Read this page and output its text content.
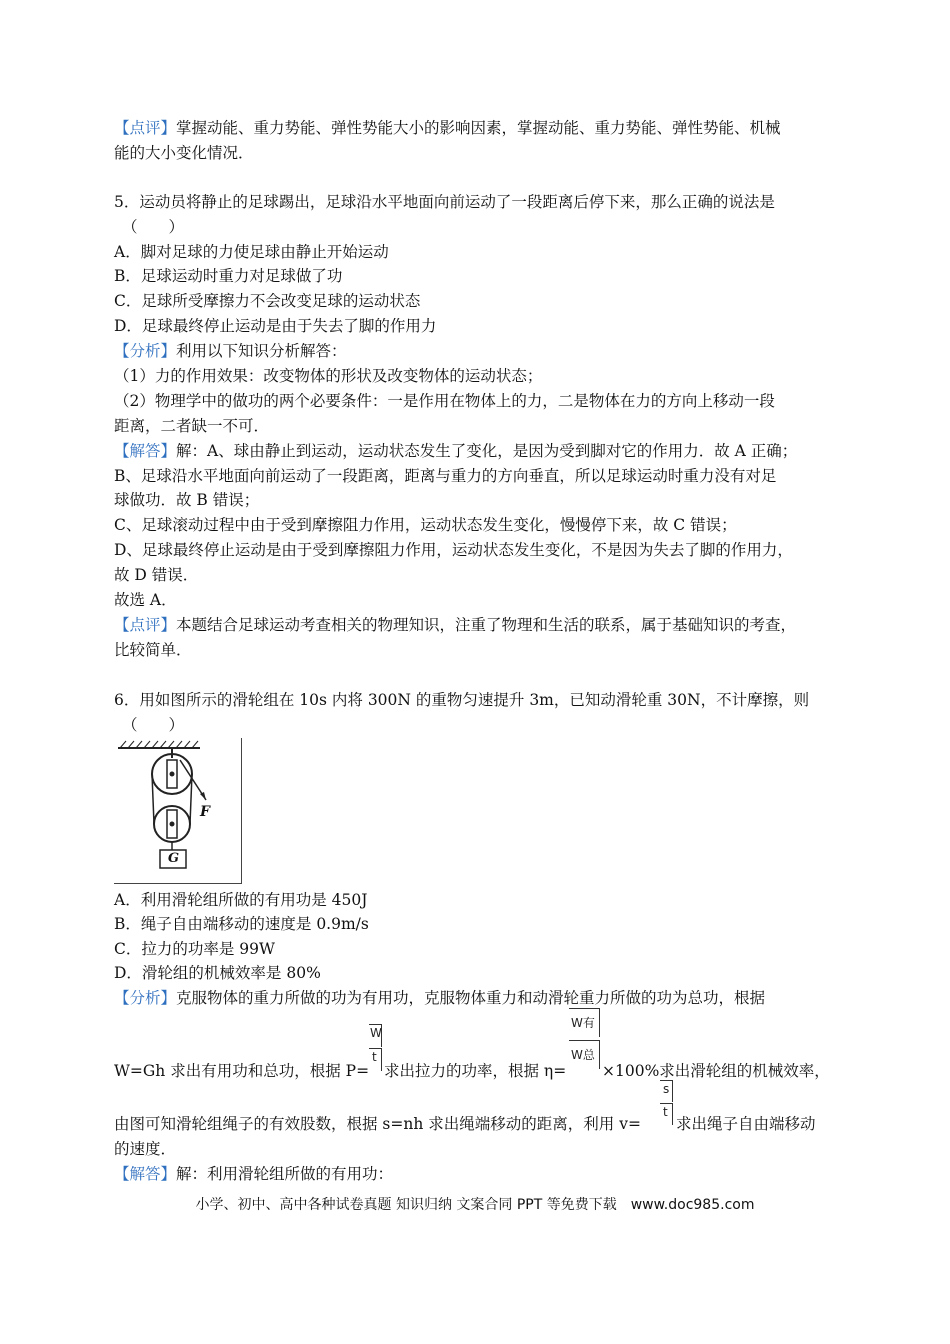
【点评】掌握动能、重力势能、弹性势能大小的影响因素，掌握动能、重力势能、弹性势能、机械
能的大小变化情况．
5．运动员将静止的足球踢出，足球沿水平地面向前运动了一段距离后停下来，那么正确的说法是
（　　）
A．脚对足球的力使足球由静止开始运动
B．足球运动时重力对足球做了功
C．足球所受摩擦力不会改变足球的运动状态
D．足球最终停止运动是由于失去了脚的作用力
【分析】利用以下知识分析解答：
（1）力的作用效果：改变物体的形状及改变物体的运动状态；
（2）物理学中的做功的两个必要条件：一是作用在物体上的力，二是物体在力的方向上移动一段
距离，二者缺一不可．
【解答】解：A、球由静止到运动，运动状态发生了变化，是因为受到脚对它的作用力．故 A 正确；
B、足球沿水平地面向前运动了一段距离，距离与重力的方向垂直，所以足球运动时重力没有对足
球做功．故 B 错误；
C、足球滚动过程中由于受到摩擦阻力作用，运动状态发生变化，慢慢停下来，故 C 错误；
D、足球最终停止运动是由于受到摩擦阻力作用，运动状态发生变化，不是因为失去了脚的作用力，
故 D 错误．
故选 A．
【点评】本题结合足球运动考查相关的物理知识，注重了物理和生活的联系，属于基础知识的考查，
比较简单．
6．用如图所示的滑轮组在 10s 内将 300N 的重物匀速提升 3m，已知动滑轮重 30N，不计摩擦，则
（　　）
F
G
A．利用滑轮组所做的有用功是 450J
B．绳子自由端移动的速度是 0.9m/s
C．拉力的功率是 99W
D．滑轮组的机械效率是 80%
【分析】克服物体的重力所做的功为有用功，克服物体重力和动滑轮重力所做的功为总功，根据
W=Gh 求出有用功和总功，根据 P=
W
t
求出拉力的功率，根据 η=
W有
W总
×100%求出滑轮组的机械效率，
由图可知滑轮组绳子的有效股数，根据 s=nh 求出绳端移动的距离，利用 v=
s
t
求出绳子自由端移动
的速度．
【解答】解：利用滑轮组所做的有用功：
小学、初中、高中各种试卷真题 知识归纳 文案合同 PPT 等免费下载　www.doc985.com
